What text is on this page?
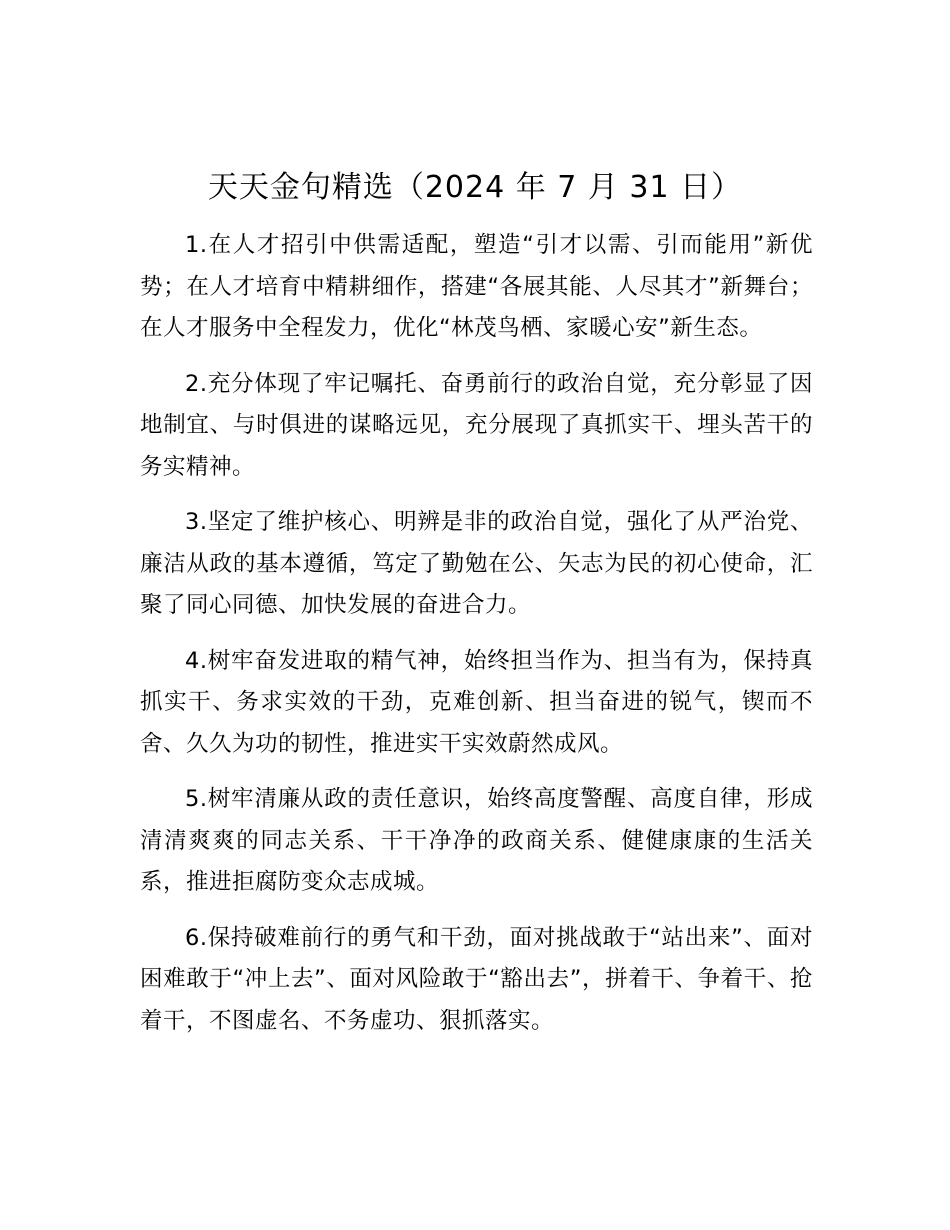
天天金句精选（2024 年 7 月 31 日）

1.在人才招引中供需适配，塑造“引才以需、引而能用”新优势；在人才培育中精耕细作，搭建“各展其能、人尽其才”新舞台；在人才服务中全程发力，优化“林茂鸟栖、家暖心安”新生态。

2.充分体现了牢记嘱托、奋勇前行的政治自觉，充分彰显了因地制宜、与时俱进的谋略远见，充分展现了真抓实干、埋头苦干的务实精神。

3.坚定了维护核心、明辨是非的政治自觉，强化了从严治党、廉洁从政的基本遵循，笃定了勤勉在公、矢志为民的初心使命，汇聚了同心同德、加快发展的奋进合力。

4.树牢奋发进取的精气神，始终担当作为、担当有为，保持真抓实干、务求实效的干劲，克难创新、担当奋进的锐气，锲而不舍、久久为功的韧性，推进实干实效蔚然成风。

5.树牢清廉从政的责任意识，始终高度警醒、高度自律，形成清清爽爽的同志关系、干干净净的政商关系、健健康康的生活关系，推进拒腐防变众志成城。

6.保持破难前行的勇气和干劲，面对挑战敢于“站出来”、面对困难敢于“冲上去”、面对风险敢于“豁出去”，拼着干、争着干、抢着干，不图虚名、不务虚功、狠抓落实。
